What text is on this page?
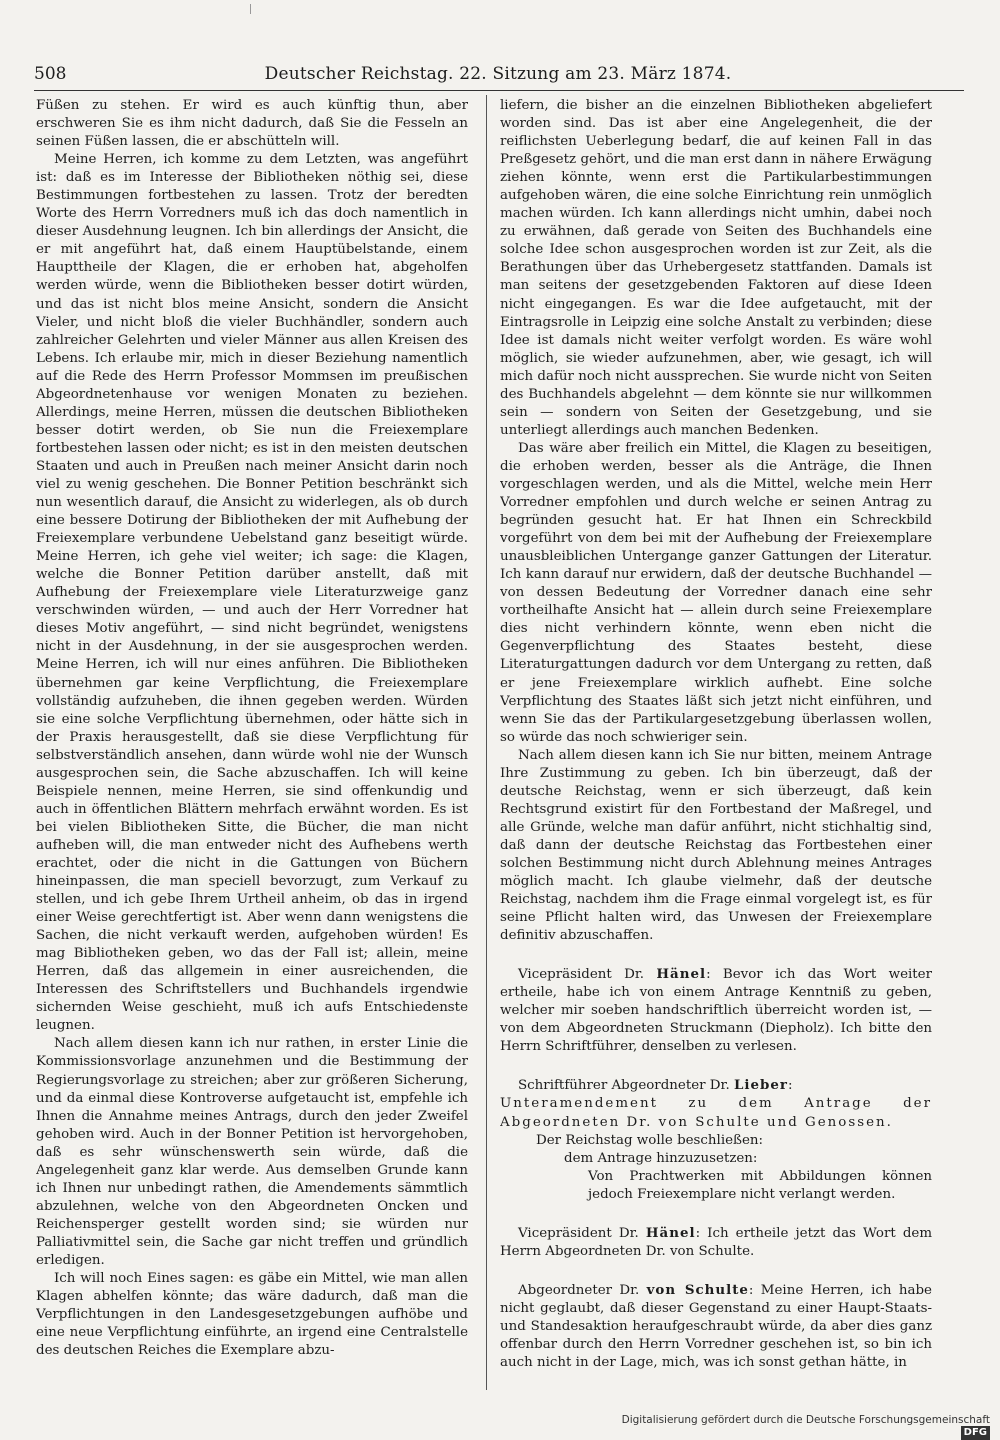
508	Deutscher Reichstag. 22. Sitzung am 23. März 1874.

Füßen zu stehen. Er wird es auch künftig thun, aber erschweren Sie es ihm nicht dadurch, daß Sie die Fesseln an seinen Füßen lassen, die er abschütteln will.

Meine Herren, ich komme zu dem Letzten, was angeführt ist: daß es im Interesse der Bibliotheken nöthig sei, diese Bestimmungen fortbestehen zu lassen. Trotz der beredten Worte des Herrn Vorredners muß ich das doch namentlich in dieser Ausdehnung leugnen. Ich bin allerdings der Ansicht, die er mit angeführt hat, daß einem Hauptübelstande, einem Haupttheile der Klagen, die er erhoben hat, abgeholfen werden würde, wenn die Bibliotheken besser dotirt würden, und das ist nicht blos meine Ansicht, sondern die Ansicht Vieler, und nicht bloß die vieler Buchhändler, sondern auch zahlreicher Gelehrten und vieler Männer aus allen Kreisen des Lebens. Ich erlaube mir, mich in dieser Beziehung namentlich auf die Rede des Herrn Professor Mommsen im preußischen Abgeordnetenhause vor wenigen Monaten zu beziehen. Allerdings, meine Herren, müssen die deutschen Bibliotheken besser dotirt werden, ob Sie nun die Freiexemplare fortbestehen lassen oder nicht; es ist in den meisten deutschen Staaten und auch in Preußen nach meiner Ansicht darin noch viel zu wenig geschehen. Die Bonner Petition beschränkt sich nun wesentlich darauf, die Ansicht zu widerlegen, als ob durch eine bessere Dotirung der Bibliotheken der mit Aufhebung der Freiexemplare verbundene Uebelstand ganz beseitigt würde. Meine Herren, ich gehe viel weiter; ich sage: die Klagen, welche die Bonner Petition darüber anstellt, daß mit Aufhebung der Freiexemplare viele Literaturzweige ganz verschwinden würden, — und auch der Herr Vorredner hat dieses Motiv angeführt, — sind nicht begründet, wenigstens nicht in der Ausdehnung, in der sie ausgesprochen werden. Meine Herren, ich will nur eines anführen. Die Bibliotheken übernehmen gar keine Verpflichtung, die Freiexemplare vollständig aufzuheben, die ihnen gegeben werden. Würden sie eine solche Verpflichtung übernehmen, oder hätte sich in der Praxis herausgestellt, daß sie diese Verpflichtung für selbstverständlich ansehen, dann würde wohl nie der Wunsch ausgesprochen sein, die Sache abzuschaffen. Ich will keine Beispiele nennen, meine Herren, sie sind offenkundig und auch in öffentlichen Blättern mehrfach erwähnt worden. Es ist bei vielen Bibliotheken Sitte, die Bücher, die man nicht aufheben will, die man entweder nicht des Aufhebens werth erachtet, oder die nicht in die Gattungen von Büchern hineinpassen, die man speciell bevorzugt, zum Verkauf zu stellen, und ich gebe Ihrem Urtheil anheim, ob das in irgend einer Weise gerechtfertigt ist. Aber wenn dann wenigstens die Sachen, die nicht verkauft werden, aufgehoben würden! Es mag Bibliotheken geben, wo das der Fall ist; allein, meine Herren, daß das allgemein in einer ausreichenden, die Interessen des Schriftstellers und Buchhandels irgendwie sichernden Weise geschieht, muß ich aufs Entschiedenste leugnen.

Nach allem diesen kann ich nur rathen, in erster Linie die Kommissionsvorlage anzunehmen und die Bestimmung der Regierungsvorlage zu streichen; aber zur größeren Sicherung, und da einmal diese Kontroverse aufgetaucht ist, empfehle ich Ihnen die Annahme meines Antrags, durch den jeder Zweifel gehoben wird. Auch in der Bonner Petition ist hervorgehoben, daß es sehr wünschenswerth sein würde, daß die Angelegenheit ganz klar werde. Aus demselben Grunde kann ich Ihnen nur unbedingt rathen, die Amendements sämmtlich abzulehnen, welche von den Abgeordneten Oncken und Reichensperger gestellt worden sind; sie würden nur Palliativmittel sein, die Sache gar nicht treffen und gründlich erledigen.

Ich will noch Eines sagen: es gäbe ein Mittel, wie man allen Klagen abhelfen könnte; das wäre dadurch, daß man die Verpflichtungen in den Landesgesetzgebungen aufhöbe und eine neue Verpflichtung einführte, an irgend eine Centralstelle des deutschen Reiches die Exemplare abzu-

liefern, die bisher an die einzelnen Bibliotheken abgeliefert worden sind. Das ist aber eine Angelegenheit, die der reiflichsten Ueberlegung bedarf, die auf keinen Fall in das Preßgesetz gehört, und die man erst dann in nähere Erwägung ziehen könnte, wenn erst die Partikularbestimmungen aufgehoben wären, die eine solche Einrichtung rein unmöglich machen würden. Ich kann allerdings nicht umhin, dabei noch zu erwähnen, daß gerade von Seiten des Buchhandels eine solche Idee schon ausgesprochen worden ist zur Zeit, als die Berathungen über das Urhebergesetz stattfanden. Damals ist man seitens der gesetzgebenden Faktoren auf diese Ideen nicht eingegangen. Es war die Idee aufgetaucht, mit der Eintragsrolle in Leipzig eine solche Anstalt zu verbinden; diese Idee ist damals nicht weiter verfolgt worden. Es wäre wohl möglich, sie wieder aufzunehmen, aber, wie gesagt, ich will mich dafür noch nicht aussprechen. Sie wurde nicht von Seiten des Buchhandels abgelehnt — dem könnte sie nur willkommen sein — sondern von Seiten der Gesetzgebung, und sie unterliegt allerdings auch manchen Bedenken.

Das wäre aber freilich ein Mittel, die Klagen zu beseitigen, die erhoben werden, besser als die Anträge, die Ihnen vorgeschlagen werden, und als die Mittel, welche mein Herr Vorredner empfohlen und durch welche er seinen Antrag zu begründen gesucht hat. Er hat Ihnen ein Schreckbild vorgeführt von dem bei mit der Aufhebung der Freiexemplare unausbleiblichen Untergange ganzer Gattungen der Literatur. Ich kann darauf nur erwidern, daß der deutsche Buchhandel — von dessen Bedeutung der Vorredner danach eine sehr vortheilhafte Ansicht hat — allein durch seine Freiexemplare dies nicht verhindern könnte, wenn eben nicht die Gegenverpflichtung des Staates besteht, diese Literaturgattungen dadurch vor dem Untergang zu retten, daß er jene Freiexemplare wirklich aufhebt. Eine solche Verpflichtung des Staates läßt sich jetzt nicht einführen, und wenn Sie das der Partikulargesetzgebung überlassen wollen, so würde das noch schwieriger sein.

Nach allem diesen kann ich Sie nur bitten, meinem Antrage Ihre Zustimmung zu geben. Ich bin überzeugt, daß der deutsche Reichstag, wenn er sich überzeugt, daß kein Rechtsgrund existirt für den Fortbestand der Maßregel, und alle Gründe, welche man dafür anführt, nicht stichhaltig sind, daß dann der deutsche Reichstag das Fortbestehen einer solchen Bestimmung nicht durch Ablehnung meines Antrages möglich macht. Ich glaube vielmehr, daß der deutsche Reichstag, nachdem ihm die Frage einmal vorgelegt ist, es für seine Pflicht halten wird, das Unwesen der Freiexemplare definitiv abzuschaffen.

Vicepräsident Dr. Hänel: Bevor ich das Wort weiter ertheile, habe ich von einem Antrage Kenntniß zu geben, welcher mir soeben handschriftlich überreicht worden ist, — von dem Abgeordneten Struckmann (Diepholz). Ich bitte den Herrn Schriftführer, denselben zu verlesen.

Schriftführer Abgeordneter Dr. Lieber:

Unteramendement zu dem Antrage der Abgeordneten Dr. von Schulte und Genossen.

Der Reichstag wolle beschließen:

dem Antrage hinzuzusetzen:

Von Prachtwerken mit Abbildungen können jedoch Freiexemplare nicht verlangt werden.

Vicepräsident Dr. Hänel: Ich ertheile jetzt das Wort dem Herrn Abgeordneten Dr. von Schulte.

Abgeordneter Dr. von Schulte: Meine Herren, ich habe nicht geglaubt, daß dieser Gegenstand zu einer Haupt-Staats- und Standesaktion heraufgeschraubt würde, da aber dies ganz offenbar durch den Herrn Vorredner geschehen ist, so bin ich auch nicht in der Lage, mich, was ich sonst gethan hätte, in

Digitalisierung gefördert durch die Deutsche Forschungsgemeinschaft DFG
